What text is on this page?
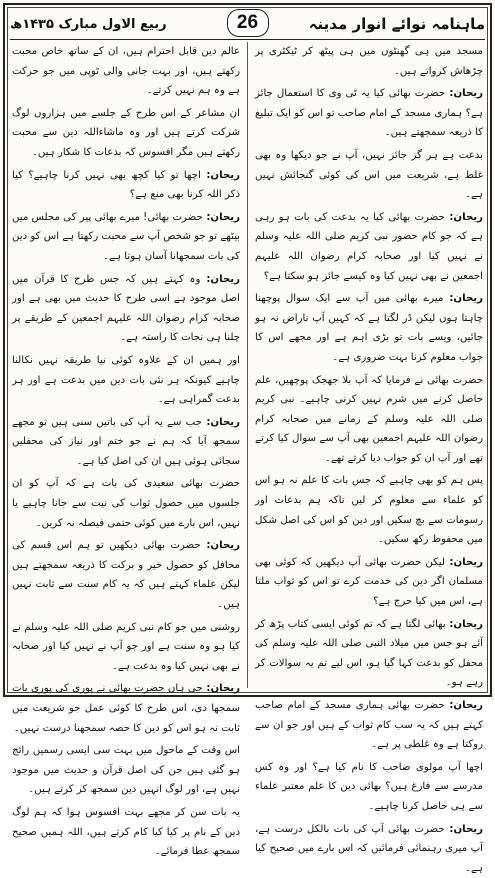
ماہنامہ نوائے انوار مدینہ
ربیع الاول مبارک ۱۴۳۵ھ	26

مسجد میں ہی گھنٹوں میں ہی پیٹھ کر ٹیکٹری پر چڑھاش کرواتے ہیں۔

ریحان: حضرت بھائی کیا یہ ٹی وی کا استعمال جائز ہے؟ ہماری مسجد کے امام صاحب تو اس کو ایک تبلیغ کا ذریعہ سمجھتے ہیں۔

بدعت ہے ہر گز جائز نہیں، آپ نے جو دیکھا وہ بھی غلط ہے، شریعت میں اس کی کوئی گنجائش نہیں ہے۔

ریحان: حضرت بھائی کیا یہ بدعت کی بات ہو رہی ہے کہ جو کام حضور نبی کریم صلی اللہ علیہ وسلم نے نہیں کیا اور صحابہ کرام رضوان اللہ علیہم اجمعین نے بھی نہیں کیا وہ کیسے جائز ہو سکتا ہے؟

ریحان: میرے بھائی میں آپ سے ایک سوال پوچھنا چاہتا ہوں لیکن ڈر لگتا ہے کہ کہیں آپ ناراض نہ ہو جائیں، ویسے بات تو بڑی اہم ہے اور مجھے اس کا جواب معلوم کرنا بہت ضروری ہے۔

حضرت بھائی نے فرمایا کہ آپ بلا جھجک پوچھیں، علم حاصل کرنے میں شرم نہیں کرنی چاہیے۔ نبی کریم صلی اللہ علیہ وسلم کے زمانے میں صحابہ کرام رضوان اللہ علیہم اجمعین بھی آپ سے سوال کیا کرتے تھے اور آپ ان کو جواب دیا کرتے تھے۔

پس ہم کو بھی چاہیے کہ جس بات کا علم نہ ہو اس کو علماء سے معلوم کر لیں تاکہ ہم بدعات اور رسومات سے بچ سکیں اور دین کو اس کی اصل شکل میں محفوظ رکھ سکیں۔

ریحان: لیکن حضرت بھائی آپ دیکھیں کہ کوئی بھی مسلمان اگر دین کی خدمت کرے تو اس کو ثواب ملتا ہے، اس میں کیا حرج ہے؟

ریحان: بھائی لگتا ہے کہ تم کوئی ایسی کتاب پڑھ کر آئے ہو جس میں میلاد النبی صلی اللہ علیہ وسلم کی محفل کو بدعت کہا گیا ہو، اس لیے تم یہ سوالات کر رہے ہو۔

ریحان: حضرت بھائی ہماری مسجد کے امام صاحب کہتے ہیں کہ یہ سب کام ثواب کے ہیں اور جو ان سے روکتا ہے وہ غلطی پر ہے۔

اچھا آپ مولوی صاحب کا نام کیا ہے؟ اور وہ کس مدرسے سے فارغ ہیں؟ بھائی دین کا علم معتبر علماء سے ہی حاصل کرنا چاہیے۔

ریحان: حضرت بھائی آپ کی بات بالکل درست ہے، آپ میری رہنمائی فرمائیں کہ اس بارے میں صحیح کیا ہے۔

عالم دین قابل احترام ہیں، ان کے ساتھ خاص محبت رکھتے ہیں، اور بہت جانی والی ٹوپی میں جو حرکت ہے وہ ہم نہیں کرتے۔

ان مشاعر کے اس طرح کے جلسے میں ہزاروں لوگ شرکت کرتے ہیں اور وہ ماشاءاللہ دین سے محبت رکھتے ہیں مگر افسوس کہ بدعات کا شکار ہیں۔

ریحان: اچھا تو کیا کچھ بھی نہیں کرنا چاہیے؟ کیا ذکر اللہ کرنا بھی منع ہے؟

ریحان: حضرت بھائی! میرے بھائی پیر کی مجلس میں بیٹھے تو جو شخص آپ سے محبت رکھتا ہے اس کو دین کی بات سمجھانا آسان ہوتا ہے۔

ریحان: وہ کہتے ہیں کہ جس طرح کا قرآن میں اصل موجود ہے اسی طرح کا حدیث میں بھی ہے اور صحابہ کرام رضوان اللہ علیہم اجمعین کے طریقے پر چلنا ہی نجات کا راستہ ہے۔

اور ہمیں ان کے علاوہ کوئی نیا طریقہ نہیں نکالنا چاہیے کیونکہ ہر نئی بات دین میں بدعت ہے اور ہر بدعت گمراہی ہے۔

ریحان: جب سے یہ آپ کی باتیں سنی ہیں تو مجھے سمجھ آیا کہ ہم نے جو ختم اور نیاز کی محفلیں سجائی ہوئی ہیں ان کی اصل کیا ہے۔

حضرت بھائی سعیدی کی بات ہے کہ آپ کو ان جلسوں میں حصول ثواب کی نیت سے جانا چاہیے یا نہیں، اس بارے میں کوئی حتمی فیصلہ نہ کریں۔

ریحان: حضرت بھائی دیکھیں تو ہم اس قسم کی محافل کو حصول خیر و برکت کا ذریعہ سمجھتے ہیں لیکن علماء کہتے ہیں کہ یہ کام سنت سے ثابت نہیں ہیں۔

روشنی میں جو کام نبی کریم صلی اللہ علیہ وسلم نے کیا ہو وہ سنت ہے اور جو آپ نے نہیں کیا اور صحابہ نے بھی نہیں کیا وہ بدعت ہے۔

ریحان: جی ہاں حضرت بھائی نے پوری کی پوری بات سمجھا دی، اس طرح کا کوئی عمل جو شریعت میں ثابت نہ ہو اس کو دین کا حصہ سمجھنا درست نہیں۔

اس وقت کے ماحول میں بہت سی ایسی رسمیں رائج ہو گئی ہیں جن کی اصل قرآن و حدیث میں موجود نہیں ہے، اور لوگ انہیں دین سمجھ کر کرتے ہیں۔

یہ بات سن کر مجھے بہت افسوس ہوا کہ ہم لوگ دین کے نام پر کیا کیا کام کرتے ہیں، اللہ ہمیں صحیح سمجھ عطا فرمائے۔
